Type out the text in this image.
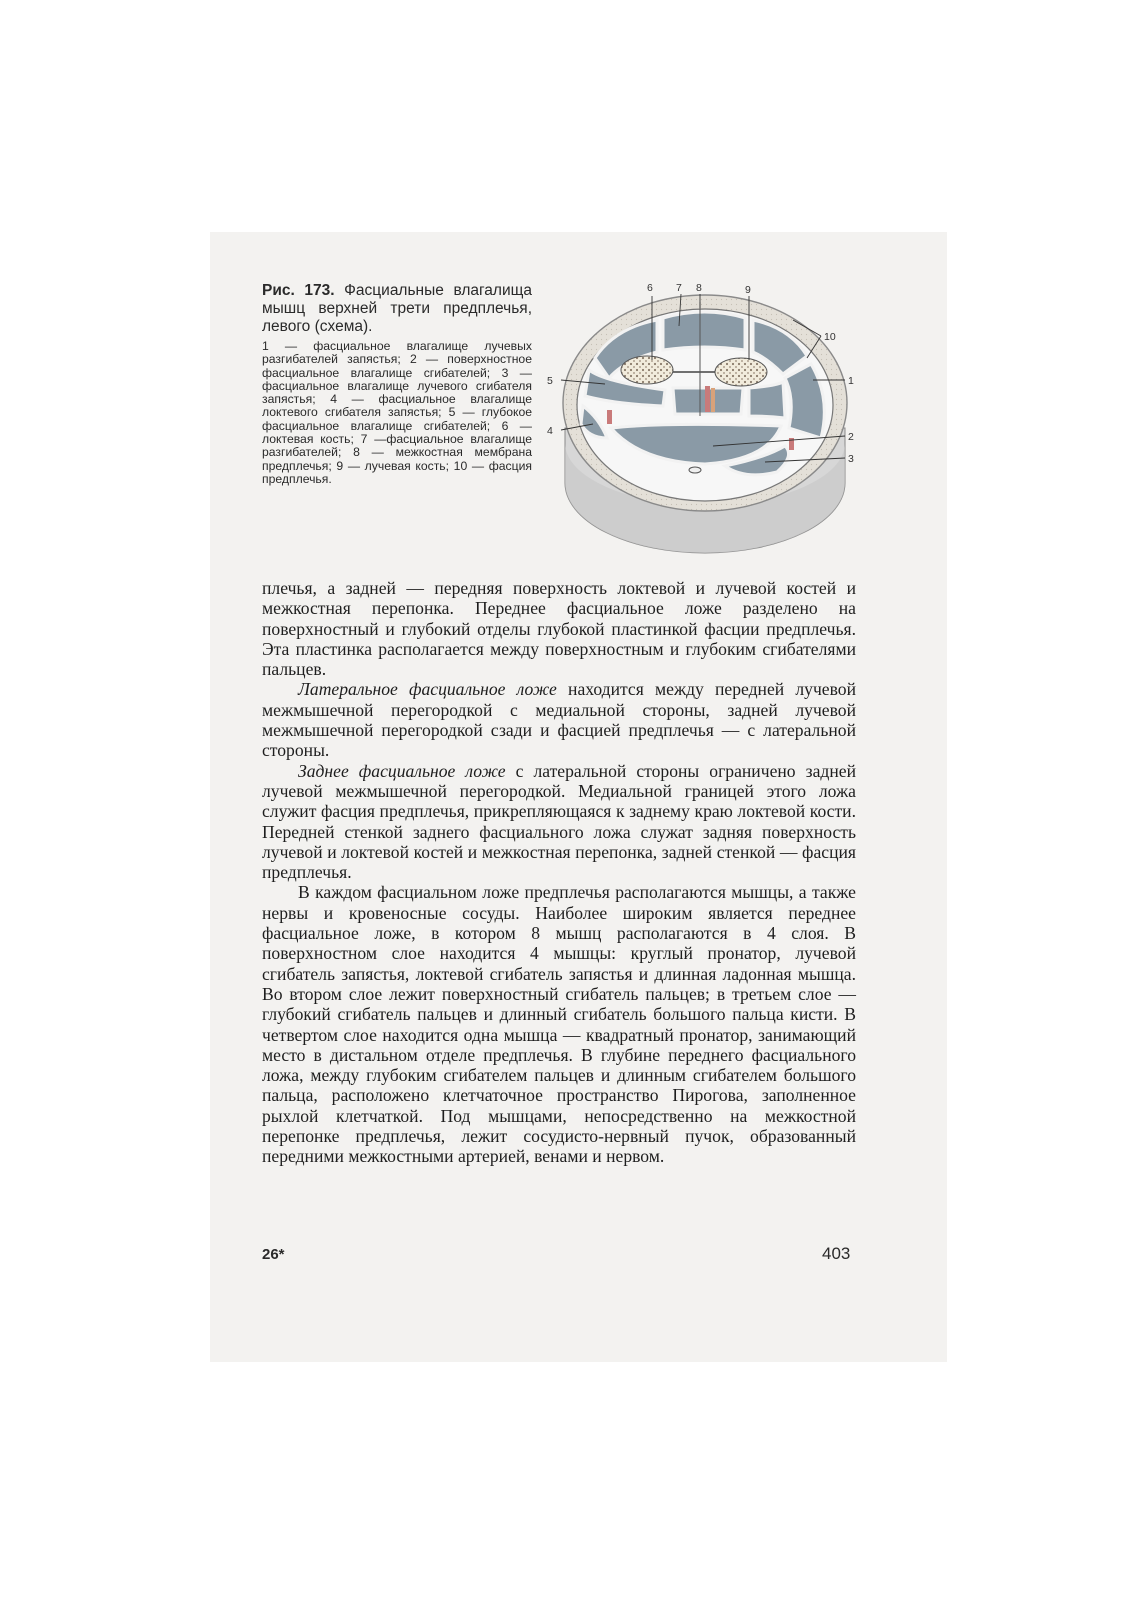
Рис. 173. Фасциальные влагалища мышц верхней трети предплечья, левого (схема).

1 — фасциальное влагалище лучевых разгибателей запястья; 2 — поверхностное фасциальное влагалище сгибателей; 3 — фасциальное влагалище лучевого сгибателя запястья; 4 — фасциальное влагалище локтевого сгибателя запястья; 5 — глубокое фасциальное влагалище сгибателей; 6 — локтевая кость; 7 —фасциальное влагалище разгибателей; 8 — межкостная мембрана предплечья; 9 — лучевая кость; 10 — фасция предплечья.

6 7 8	9
10
5
4
1
2
3

плечья, а задней — передняя поверхность локтевой и лучевой костей и межкостная перепонка. Переднее фасциальное ложе разделено на поверхностный и глубокий отделы глубокой пластинкой фасции предплечья. Эта пластинка располагается между поверхностным и глубоким сгибателями пальцев.

Латеральное фасциальное ложе находится между передней лучевой межмышечной перегородкой с медиальной стороны, задней лучевой межмышечной перегородкой сзади и фасцией предплечья — с латеральной стороны.

Заднее фасциальное ложе с латеральной стороны ограничено задней лучевой межмышечной перегородкой. Медиальной границей этого ложа служит фасция предплечья, прикрепляющаяся к заднему краю локтевой кости. Передней стенкой заднего фасциального ложа служат задняя поверхность лучевой и локтевой костей и межкостная перепонка, задней стенкой — фасция предплечья.

В каждом фасциальном ложе предплечья располагаются мышцы, а также нервы и кровеносные сосуды. Наиболее широким является переднее фасциальное ложе, в котором 8 мышц располагаются в 4 слоя. В поверхностном слое находится 4 мышцы: круглый пронатор, лучевой сгибатель запястья, локтевой сгибатель запястья и длинная ладонная мышца. Во втором слое лежит поверхностный сгибатель пальцев; в третьем слое — глубокий сгибатель пальцев и длинный сгибатель большого пальца кисти. В четвертом слое находится одна мышца — квадратный пронатор, занимающий место в дистальном отделе предплечья. В глубине переднего фасциального ложа, между глубоким сгибателем пальцев и длинным сгибателем большого пальца, расположено клетчаточное пространство Пирогова, заполненное рыхлой клетчаткой. Под мышцами, непосредственно на межкостной перепонке предплечья, лежит сосудисто-нервный пучок, образованный передними межкостными артерией, венами и нервом.

26*	403
